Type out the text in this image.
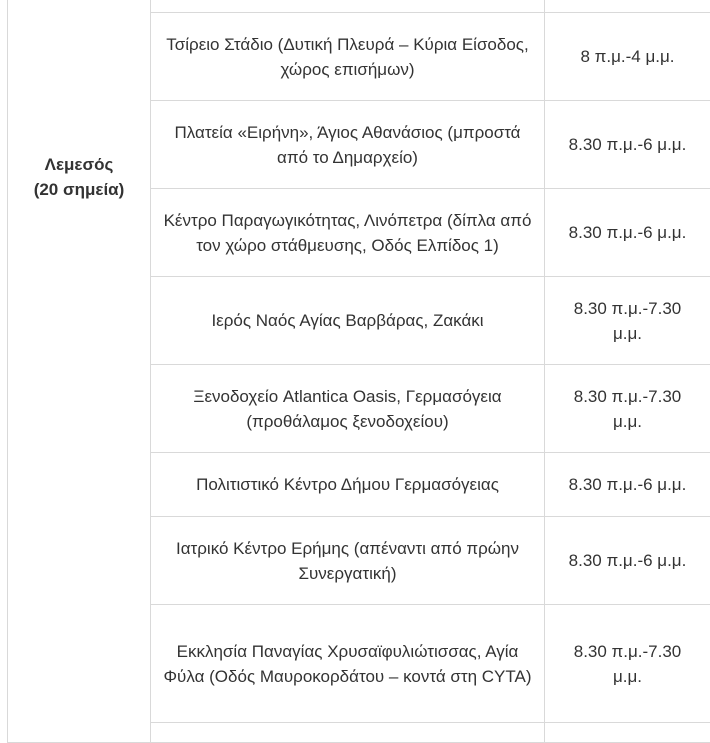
Λεμεσός
(20 σημεία)		

	Τσίρειο Στάδιο (Δυτική Πλευρά – Κύρια Είσοδος, χώρος επισήμων)	8 π.μ.-4 μ.μ.
	Πλατεία «Ειρήνη», Άγιος Αθανάσιος (μπροστά από το Δημαρχείο)	8.30 π.μ.-6 μ.μ.
	Κέντρο Παραγωγικότητας, Λινόπετρα (δίπλα από τον χώρο στάθμευσης, Οδός Ελπίδος 1)	8.30 π.μ.-6 μ.μ.
	Ιερός Ναός Αγίας Βαρβάρας, Ζακάκι	8.30 π.μ.-7.30 μ.μ.
	Ξενοδοχείο Atlantica Oasis, Γερμασόγεια (προθάλαμος ξενοδοχείου)	8.30 π.μ.-7.30 μ.μ.
	Πολιτιστικό Κέντρο Δήμου Γερμασόγειας	8.30 π.μ.-6 μ.μ.
	Ιατρικό Κέντρο Ερήμης (απέναντι από πρώην Συνεργατική)	8.30 π.μ.-6 μ.μ.
	Εκκλησία Παναγίας Χρυσαϊφυλιώτισσας, Αγία Φύλα (Οδός Μαυροκορδάτου – κοντά στη CYTA)	8.30 π.μ.-7.30 μ.μ.
